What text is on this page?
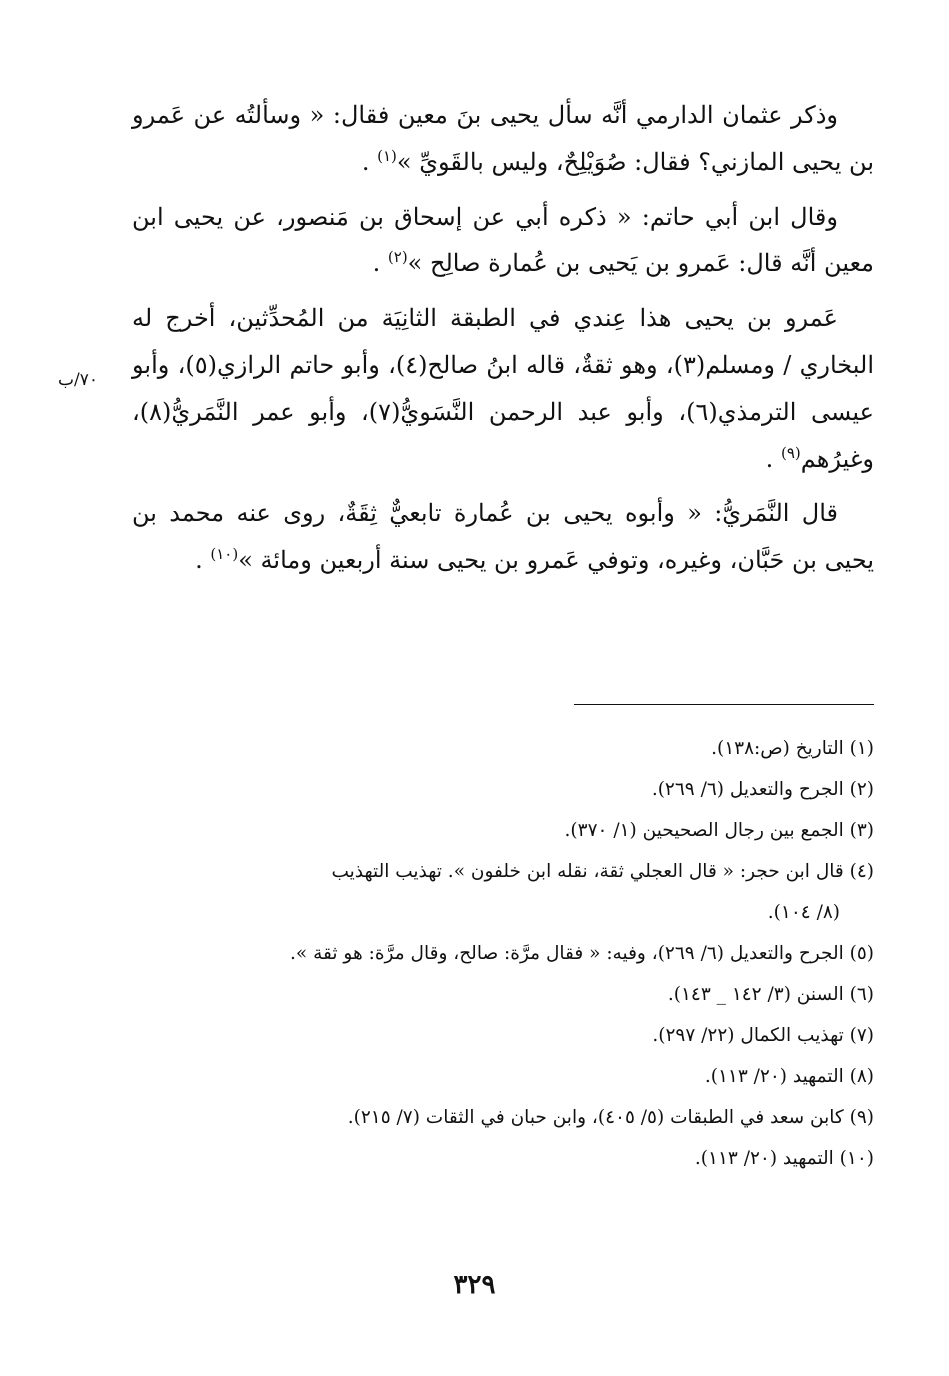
٧٠/ب

وذكر عثمان الدارمي أنَّه سأل يحيى بنَ معين فقال: « وسألتُه عن عَمرو بن يحيى المازني؟ فقال: صُوَيْلِحٌ، وليس بالقَويِّ »$^{(١)}$ .

وقال ابن أبي حاتم: « ذكره أبي عن إسحاق بن مَنصور، عن يحيى ابن معين أنَّه قال: عَمرو بن يَحيى بن عُمارة صالِح »$^{(٢)}$ .

عَمرو بن يحيى هذا عِندي في الطبقة الثانِيَة من المُحدِّثين، أخرج له البخاري / ومسلم(٣)، وهو ثقةٌ، قاله ابنُ صالح(٤)، وأبو حاتم الرازي(٥)، وأبو عيسى الترمذي(٦)، وأبو عبد الرحمن النَّسَويُّ(٧)، وأبو عمر النَّمَريُّ(٨)، وغيرُهم$^{(٩)}$ .

قال النَّمَريُّ: « وأبوه يحيى بن عُمارة تابعيٌّ ثِقَةٌ، روى عنه محمد بن يحيى بن حَبَّان، وغيره، وتوفي عَمرو بن يحيى سنة أربعين ومائة »$^{(١٠)}$ .

(١) التاريخ (ص:١٣٨).

(٢) الجرح والتعديل (٦/ ٢٦٩).

(٣) الجمع بين رجال الصحيحين (١/ ٣٧٠).

(٤) قال ابن حجر: « قال العجلي ثقة، نقله ابن خلفون ». تهذيب التهذيب
(٨/ ١٠٤).

(٥) الجرح والتعديل (٦/ ٢٦٩)، وفيه: « فقال مرَّة: صالح، وقال مرَّة: هو ثقة ».

(٦) السنن (٣/ ١٤٢ _ ١٤٣).

(٧) تهذيب الكمال (٢٢/ ٢٩٧).

(٨) التمهيد (٢٠/ ١١٣).

(٩) كابن سعد في الطبقات (٥/ ٤٠٥)، وابن حبان في الثقات (٧/ ٢١٥).

(١٠) التمهيد (٢٠/ ١١٣).

٣٢٩
